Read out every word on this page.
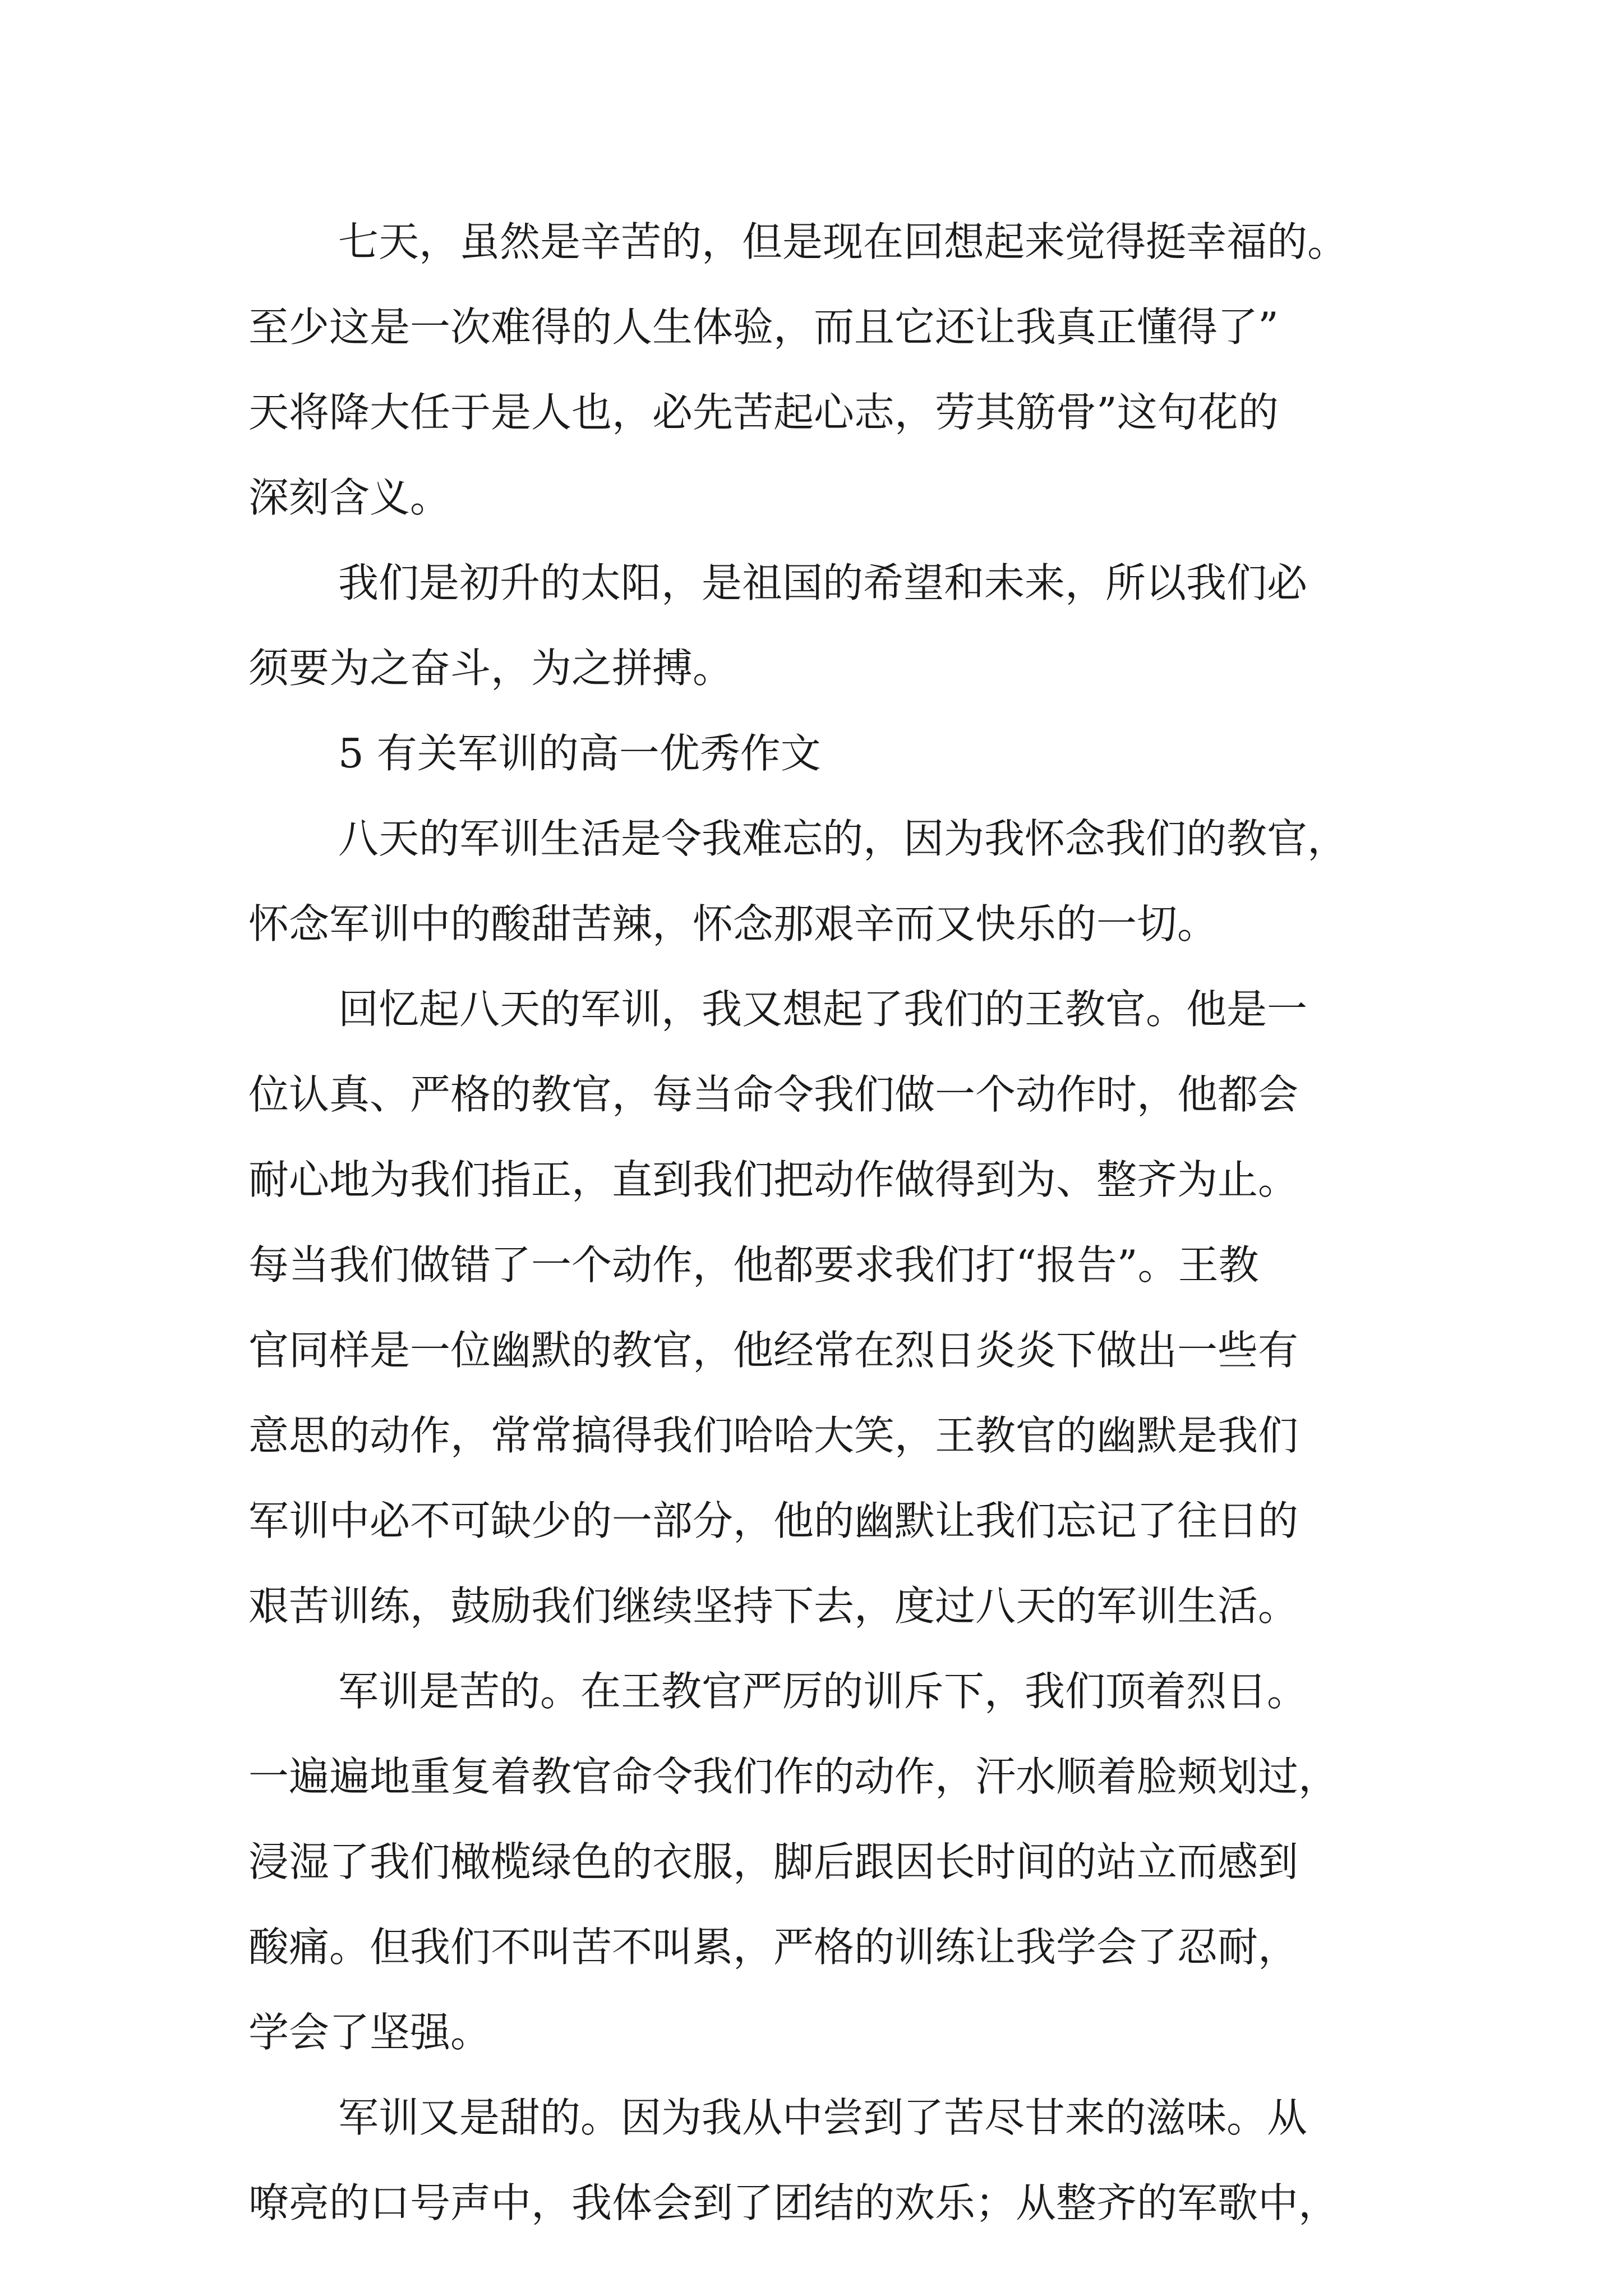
七天，虽然是辛苦的，但是现在回想起来觉得挺幸福的。

至少这是一次难得的人生体验，而且它还让我真正懂得了”

天将降大任于是人也，必先苦起心志，劳其筋骨”这句花的

深刻含义。

我们是初升的太阳，是祖国的希望和未来，所以我们必

须要为之奋斗，为之拼搏。

5 有关军训的高一优秀作文

八天的军训生活是令我难忘的，因为我怀念我们的教官，

怀念军训中的酸甜苦辣，怀念那艰辛而又快乐的一切。

回忆起八天的军训，我又想起了我们的王教官。他是一

位认真、严格的教官，每当命令我们做一个动作时，他都会

耐心地为我们指正，直到我们把动作做得到为、整齐为止。

每当我们做错了一个动作，他都要求我们打“报告”。王教

官同样是一位幽默的教官，他经常在烈日炎炎下做出一些有

意思的动作，常常搞得我们哈哈大笑，王教官的幽默是我们

军训中必不可缺少的一部分，他的幽默让我们忘记了往日的

艰苦训练，鼓励我们继续坚持下去，度过八天的军训生活。

军训是苦的。在王教官严厉的训斥下，我们顶着烈日。

一遍遍地重复着教官命令我们作的动作，汗水顺着脸颊划过，

浸湿了我们橄榄绿色的衣服，脚后跟因长时间的站立而感到

酸痛。但我们不叫苦不叫累，严格的训练让我学会了忍耐，

学会了坚强。

军训又是甜的。因为我从中尝到了苦尽甘来的滋味。从

嘹亮的口号声中，我体会到了团结的欢乐；从整齐的军歌中，
